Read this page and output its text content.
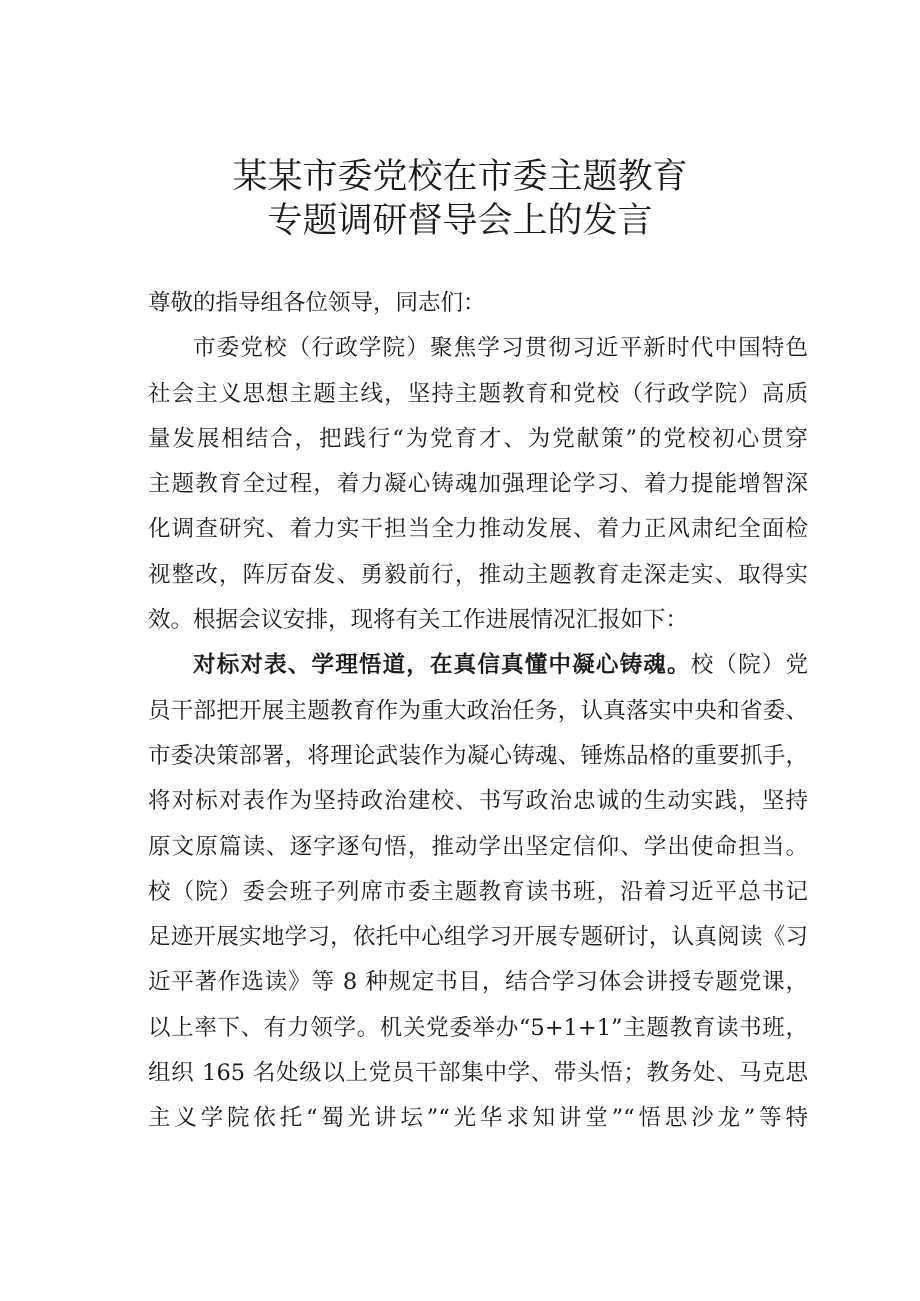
某某市委党校在市委主题教育
专题调研督导会上的发言
尊敬的指导组各位领导，同志们：
市委党校（行政学院）聚焦学习贯彻习近平新时代中国特色
社会主义思想主题主线，坚持主题教育和党校（行政学院）高质
量发展相结合，把践行“为党育才、为党献策”的党校初心贯穿
主题教育全过程，着力凝心铸魂加强理论学习、着力提能增智深
化调查研究、着力实干担当全力推动发展、着力正风肃纪全面检
视整改，阵厉奋发、勇毅前行，推动主题教育走深走实、取得实
效。根据会议安排，现将有关工作进展情况汇报如下：
对标对表、学理悟道，在真信真懂中凝心铸魂。校（院）党
员干部把开展主题教育作为重大政治任务，认真落实中央和省委、
市委决策部署，将理论武装作为凝心铸魂、锤炼品格的重要抓手，
将对标对表作为坚持政治建校、书写政治忠诚的生动实践，坚持
原文原篇读、逐字逐句悟，推动学出坚定信仰、学出使命担当。
校（院）委会班子列席市委主题教育读书班，沿着习近平总书记
足迹开展实地学习，依托中心组学习开展专题研讨，认真阅读《习
近平著作选读》等 8 种规定书目，结合学习体会讲授专题党课，
以上率下、有力领学。机关党委举办“5+1+1”主题教育读书班，
组织 165 名处级以上党员干部集中学、带头悟；教务处、马克思
主义学院依托“蜀光讲坛”“光华求知讲堂”“悟思沙龙”等特
